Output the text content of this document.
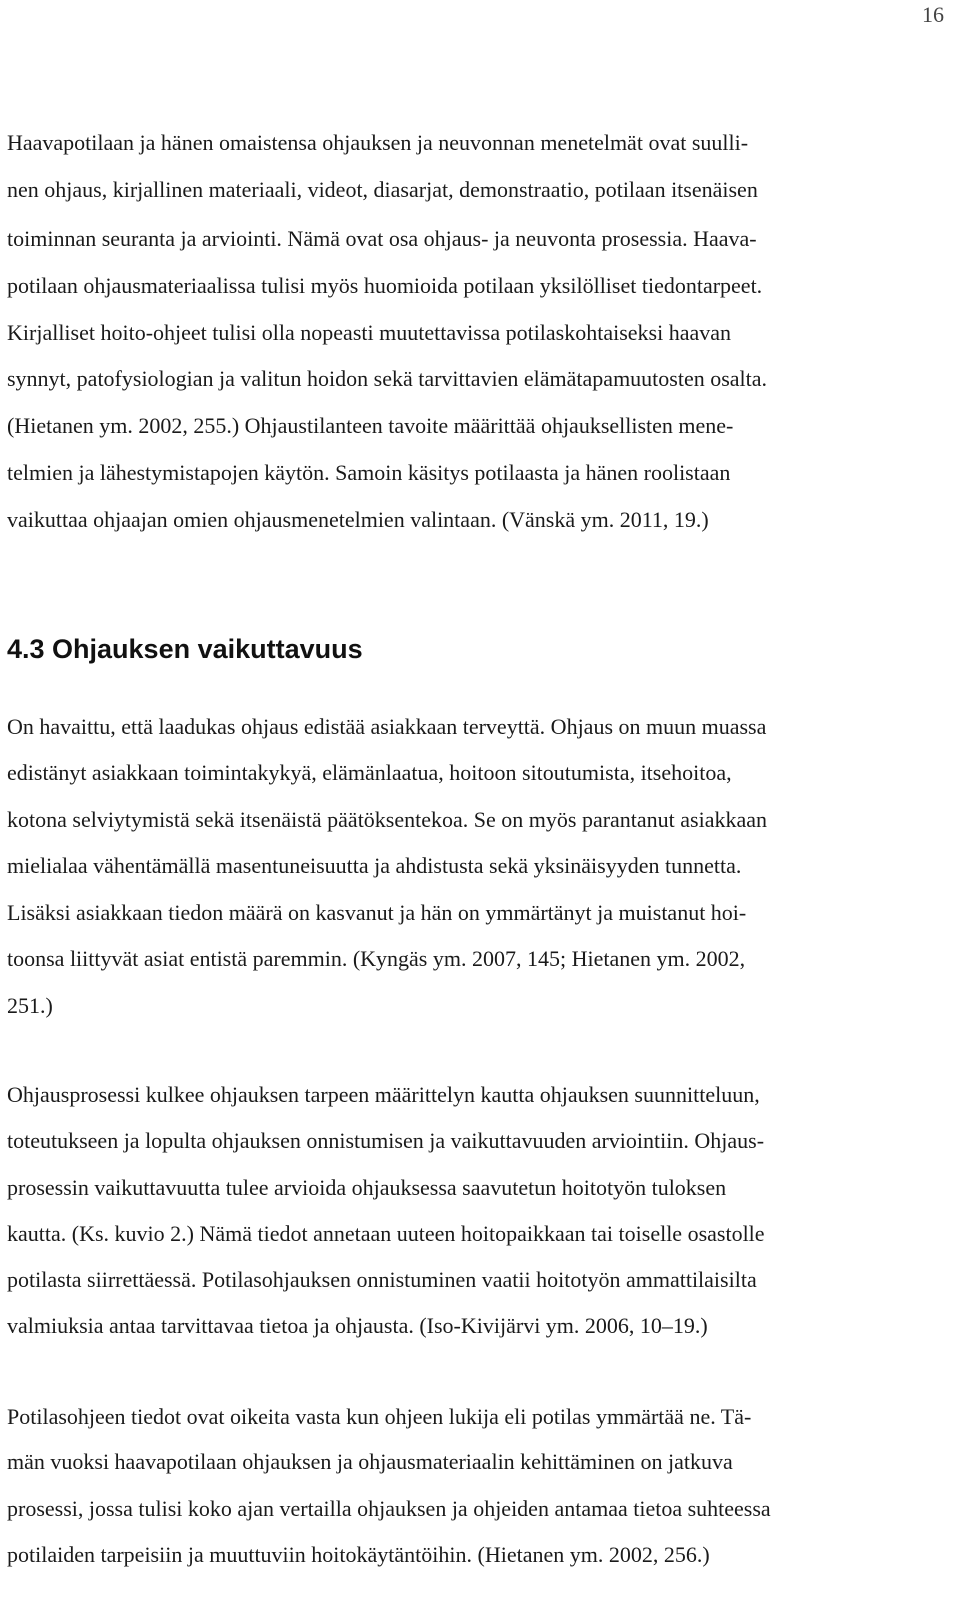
16

Haavapotilaan ja hänen omaistensa ohjauksen ja neuvonnan menetelmät ovat suulli-

nen ohjaus, kirjallinen materiaali, videot, diasarjat, demonstraatio, potilaan itsenäisen

toiminnan seuranta ja arviointi. Nämä ovat osa ohjaus- ja neuvonta prosessia. Haava-

potilaan ohjausmateriaalissa tulisi myös huomioida potilaan yksilölliset tiedontarpeet.

Kirjalliset hoito-ohjeet tulisi olla nopeasti muutettavissa potilaskohtaiseksi haavan

synnyt, patofysiologian ja valitun hoidon sekä tarvittavien elämätapamuutosten osalta.

(Hietanen ym. 2002, 255.) Ohjaustilanteen tavoite määrittää ohjauksellisten mene-

telmien ja lähestymistapojen käytön. Samoin käsitys potilaasta ja hänen roolistaan

vaikuttaa ohjaajan omien ohjausmenetelmien valintaan. (Vänskä ym. 2011, 19.)

4.3 Ohjauksen vaikuttavuus

On havaittu, että laadukas ohjaus edistää asiakkaan terveyttä. Ohjaus on muun muassa

edistänyt asiakkaan toimintakykyä, elämänlaatua, hoitoon sitoutumista, itsehoitoa,

kotona selviytymistä sekä itsenäistä päätöksentekoa. Se on myös parantanut asiakkaan

mielialaa vähentämällä masentuneisuutta ja ahdistusta sekä yksinäisyyden tunnetta.

Lisäksi asiakkaan tiedon määrä on kasvanut ja hän on ymmärtänyt ja muistanut hoi-

toonsa liittyvät asiat entistä paremmin. (Kyngäs ym. 2007, 145; Hietanen ym. 2002,

251.)

Ohjausprosessi kulkee ohjauksen tarpeen määrittelyn kautta ohjauksen suunnitteluun,

toteutukseen ja lopulta ohjauksen onnistumisen ja vaikuttavuuden arviointiin. Ohjaus-

prosessin vaikuttavuutta tulee arvioida ohjauksessa saavutetun hoitotyön tuloksen

kautta. (Ks. kuvio 2.) Nämä tiedot annetaan uuteen hoitopaikkaan tai toiselle osastolle

potilasta siirrettäessä. Potilasohjauksen onnistuminen vaatii hoitotyön ammattilaisilta

valmiuksia antaa tarvittavaa tietoa ja ohjausta. (Iso-Kivijärvi ym. 2006, 10–19.)

Potilasohjeen tiedot ovat oikeita vasta kun ohjeen lukija eli potilas ymmärtää ne. Tä-

män vuoksi haavapotilaan ohjauksen ja ohjausmateriaalin kehittäminen on jatkuva

prosessi, jossa tulisi koko ajan vertailla ohjauksen ja ohjeiden antamaa tietoa suhteessa

potilaiden tarpeisiin ja muuttuviin hoitokäytäntöihin. (Hietanen ym. 2002, 256.)
